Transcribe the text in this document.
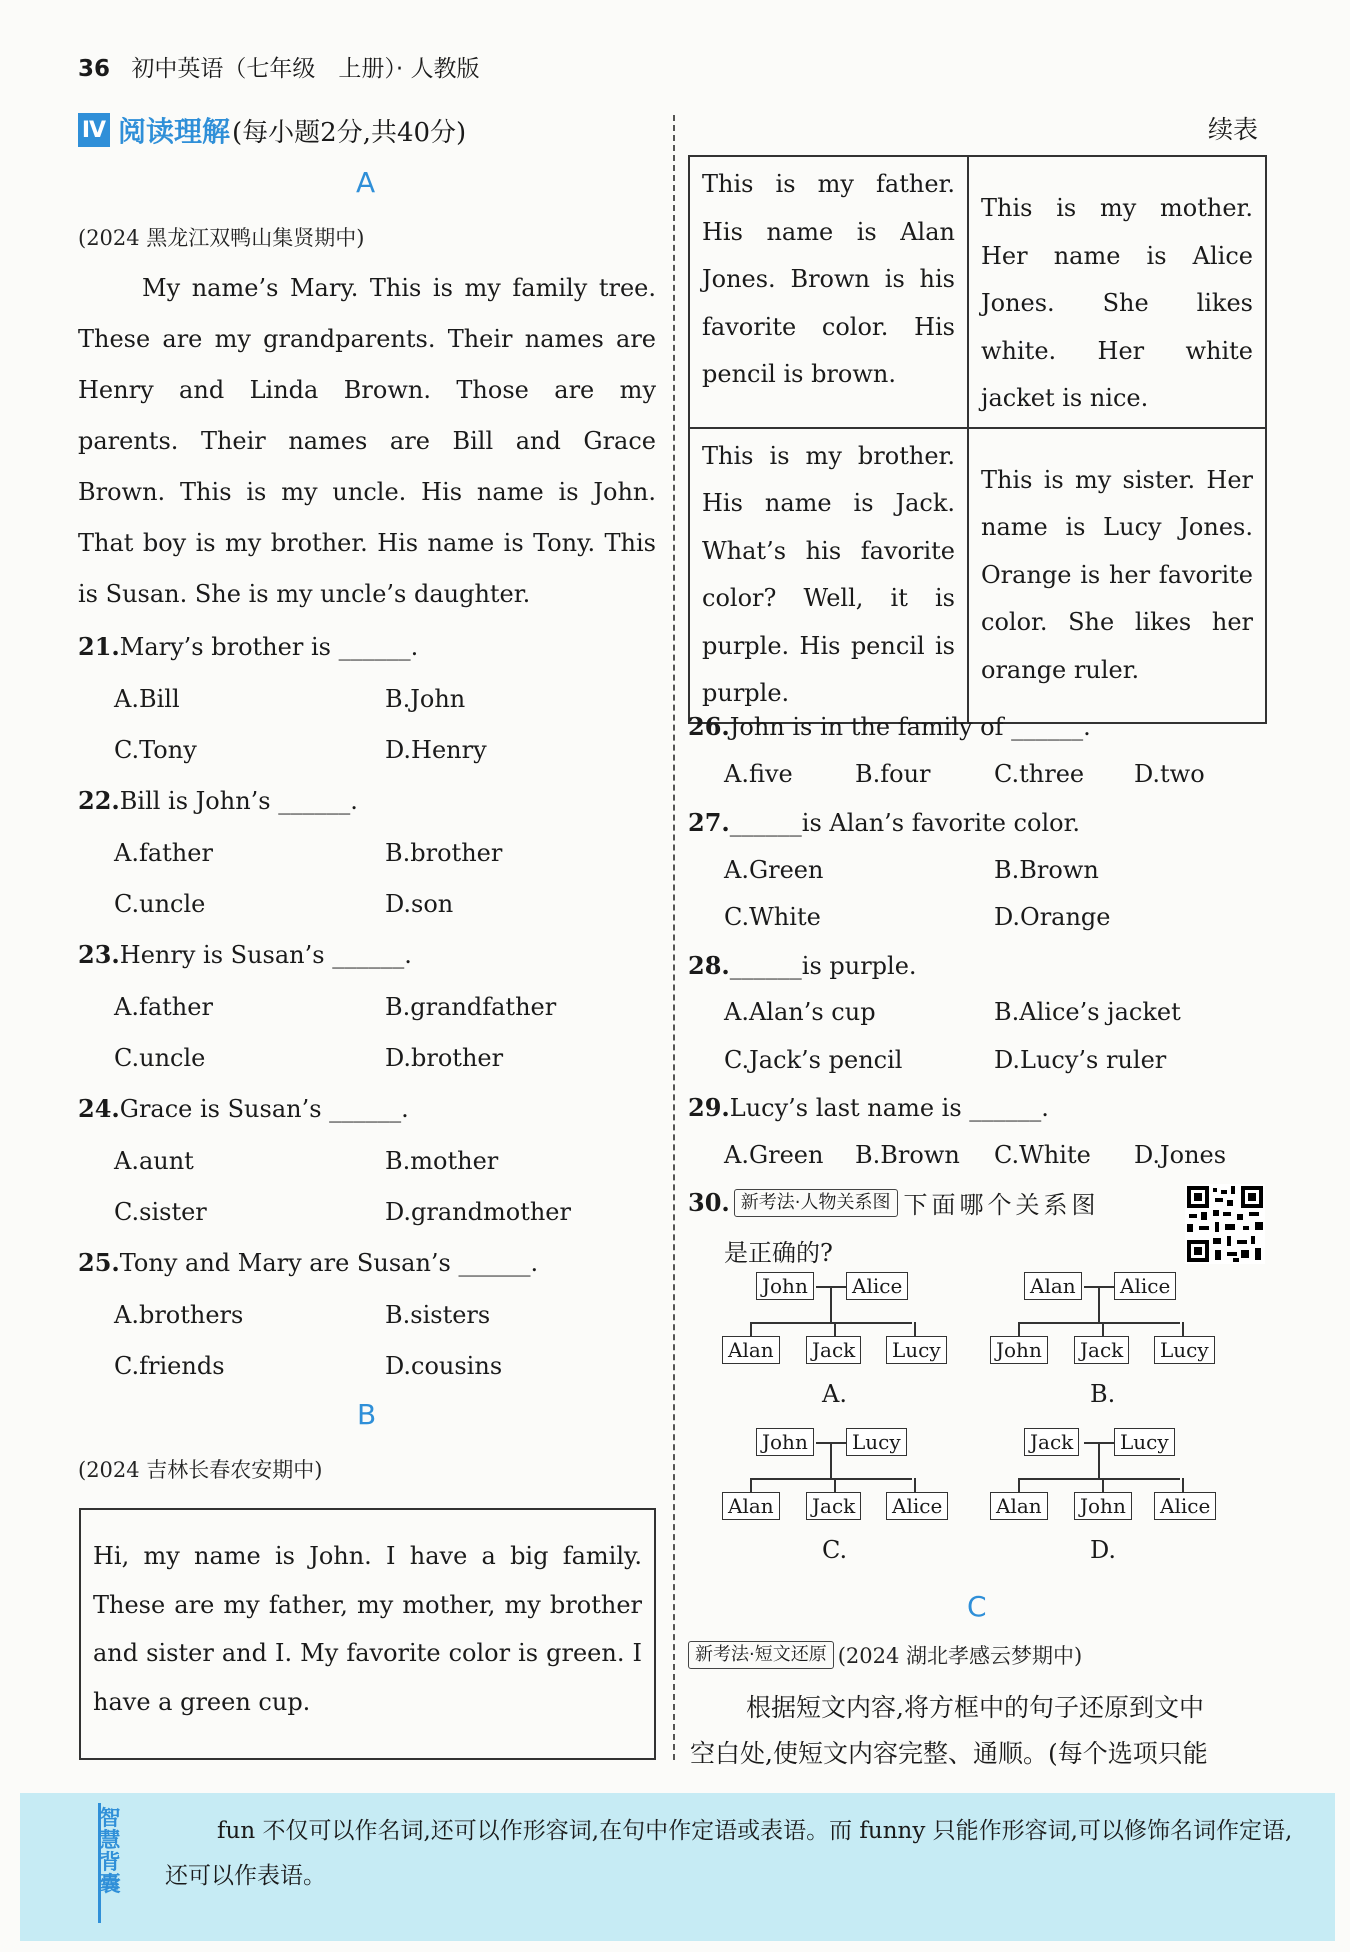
36 初中英语（七年级　上册）· 人教版
Ⅳ 阅读理解 (每小题2分,共40分)	续表
A
(2024 黑龙江双鸭山集贤期中)
My name’s Mary. This is my family tree. These are my grandparents. Their names are Henry and Linda Brown. Those are my parents. Their names are Bill and Grace Brown. This is my uncle. His name is John. That boy is my brother. His name is Tony. This is Susan. She is my uncle’s daughter.
21.Mary’s brother is ______.
A.Bill	B.John
C.Tony	D.Henry
22.Bill is John’s ______.
A.father	B.brother
C.uncle	D.son
23.Henry is Susan’s ______.
A.father	B.grandfather
C.uncle	D.brother
24.Grace is Susan’s ______.
A.aunt	B.mother
C.sister	D.grandmother
25.Tony and Mary are Susan’s ______.
A.brothers	B.sisters
C.friends	D.cousins
B
(2024 吉林长春农安期中)
Hi, my name is John. I have a big family. These are my father, my mother, my brother and sister and I. My favorite color is green. I have a green cup.
This is my father. His name is Alan Jones. Brown is his favorite color. His pencil is brown.	This is my mother. Her name is Alice Jones. She likes white. Her white jacket is nice.
This is my brother. His name is Jack. What’s his favorite color? Well, it is purple. His pencil is purple.	This is my sister. Her name is Lucy Jones. Orange is her favorite color. She likes her orange ruler.
26.John is in the family of ______.
A.five	B.four	C.three D.two
27.______is Alan’s favorite color.
A.Green	B.Brown
C.White	D.Orange
28.______is purple.
A.Alan’s cup	B.Alice’s jacket
C.Jack’s pencil	D.Lucy’s ruler
29.Lucy’s last name is ______.
A.Green B.Brown C.White D.Jones
30. 新考法·人物关系图 下面哪个关系图
是正确的?
John	Alice
Alan	Jack	Lucy
A.
Alan	Alice
John	Jack	Lucy
B.
John	Lucy
Alan	Jack	Alice
C.
Jack	Lucy
Alan	John	Alice
D.
C
新考法·短文还原 (2024 湖北孝感云梦期中)
根据短文内容,将方框中的句子还原到文中
空白处,使短文内容完整、通顺。(每个选项只能
智慧背囊
fun 不仅可以作名词,还可以作形容词,在句中作定语或表语。而 funny 只能作形容词,可以修饰名词作定语,还可以作表语。
